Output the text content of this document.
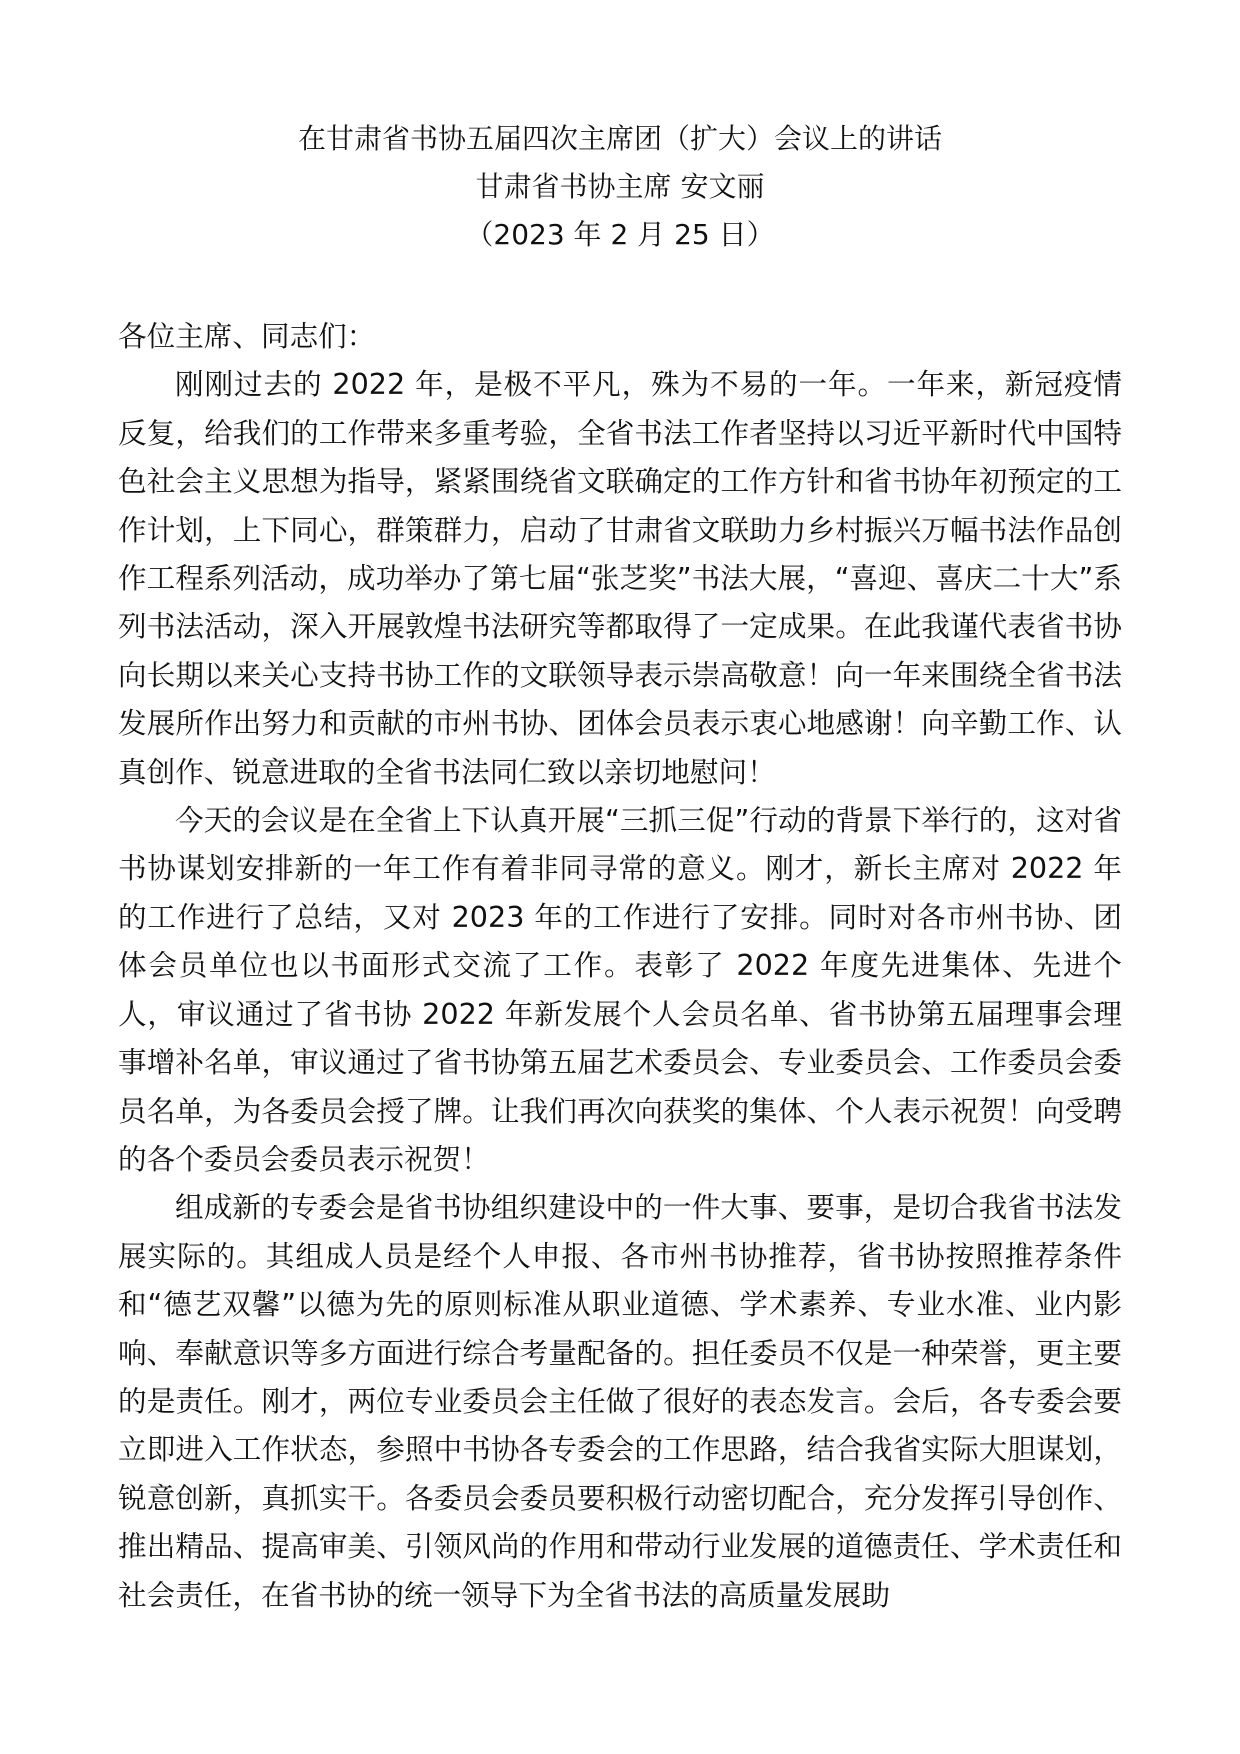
在甘肃省书协五届四次主席团（扩大）会议上的讲话
甘肃省书协主席 安文丽
（2023 年 2 月 25 日）

各位主席、同志们：

刚刚过去的 2022 年，是极不平凡，殊为不易的一年。一年来，新冠疫情反复，给我们的工作带来多重考验，全省书法工作者坚持以习近平新时代中国特色社会主义思想为指导，紧紧围绕省文联确定的工作方针和省书协年初预定的工作计划，上下同心，群策群力，启动了甘肃省文联助力乡村振兴万幅书法作品创作工程系列活动，成功举办了第七届“张芝奖”书法大展，“喜迎、喜庆二十大”系列书法活动，深入开展敦煌书法研究等都取得了一定成果。在此我谨代表省书协向长期以来关心支持书协工作的文联领导表示崇高敬意！向一年来围绕全省书法发展所作出努力和贡献的市州书协、团体会员表示衷心地感谢！向辛勤工作、认真创作、锐意进取的全省书法同仁致以亲切地慰问！

今天的会议是在全省上下认真开展“三抓三促”行动的背景下举行的，这对省书协谋划安排新的一年工作有着非同寻常的意义。刚才，新长主席对 2022 年的工作进行了总结，又对 2023 年的工作进行了安排。同时对各市州书协、团体会员单位也以书面形式交流了工作。表彰了 2022 年度先进集体、先进个人，审议通过了省书协 2022 年新发展个人会员名单、省书协第五届理事会理事增补名单，审议通过了省书协第五届艺术委员会、专业委员会、工作委员会委员名单，为各委员会授了牌。让我们再次向获奖的集体、个人表示祝贺！向受聘的各个委员会委员表示祝贺！

组成新的专委会是省书协组织建设中的一件大事、要事，是切合我省书法发展实际的。其组成人员是经个人申报、各市州书协推荐，省书协按照推荐条件和“德艺双馨”以德为先的原则标准从职业道德、学术素养、专业水准、业内影响、奉献意识等多方面进行综合考量配备的。担任委员不仅是一种荣誉，更主要的是责任。刚才，两位专业委员会主任做了很好的表态发言。会后，各专委会要立即进入工作状态，参照中书协各专委会的工作思路，结合我省实际大胆谋划，锐意创新，真抓实干。各委员会委员要积极行动密切配合，充分发挥引导创作、推出精品、提高审美、引领风尚的作用和带动行业发展的道德责任、学术责任和社会责任，在省书协的统一领导下为全省书法的高质量发展助
